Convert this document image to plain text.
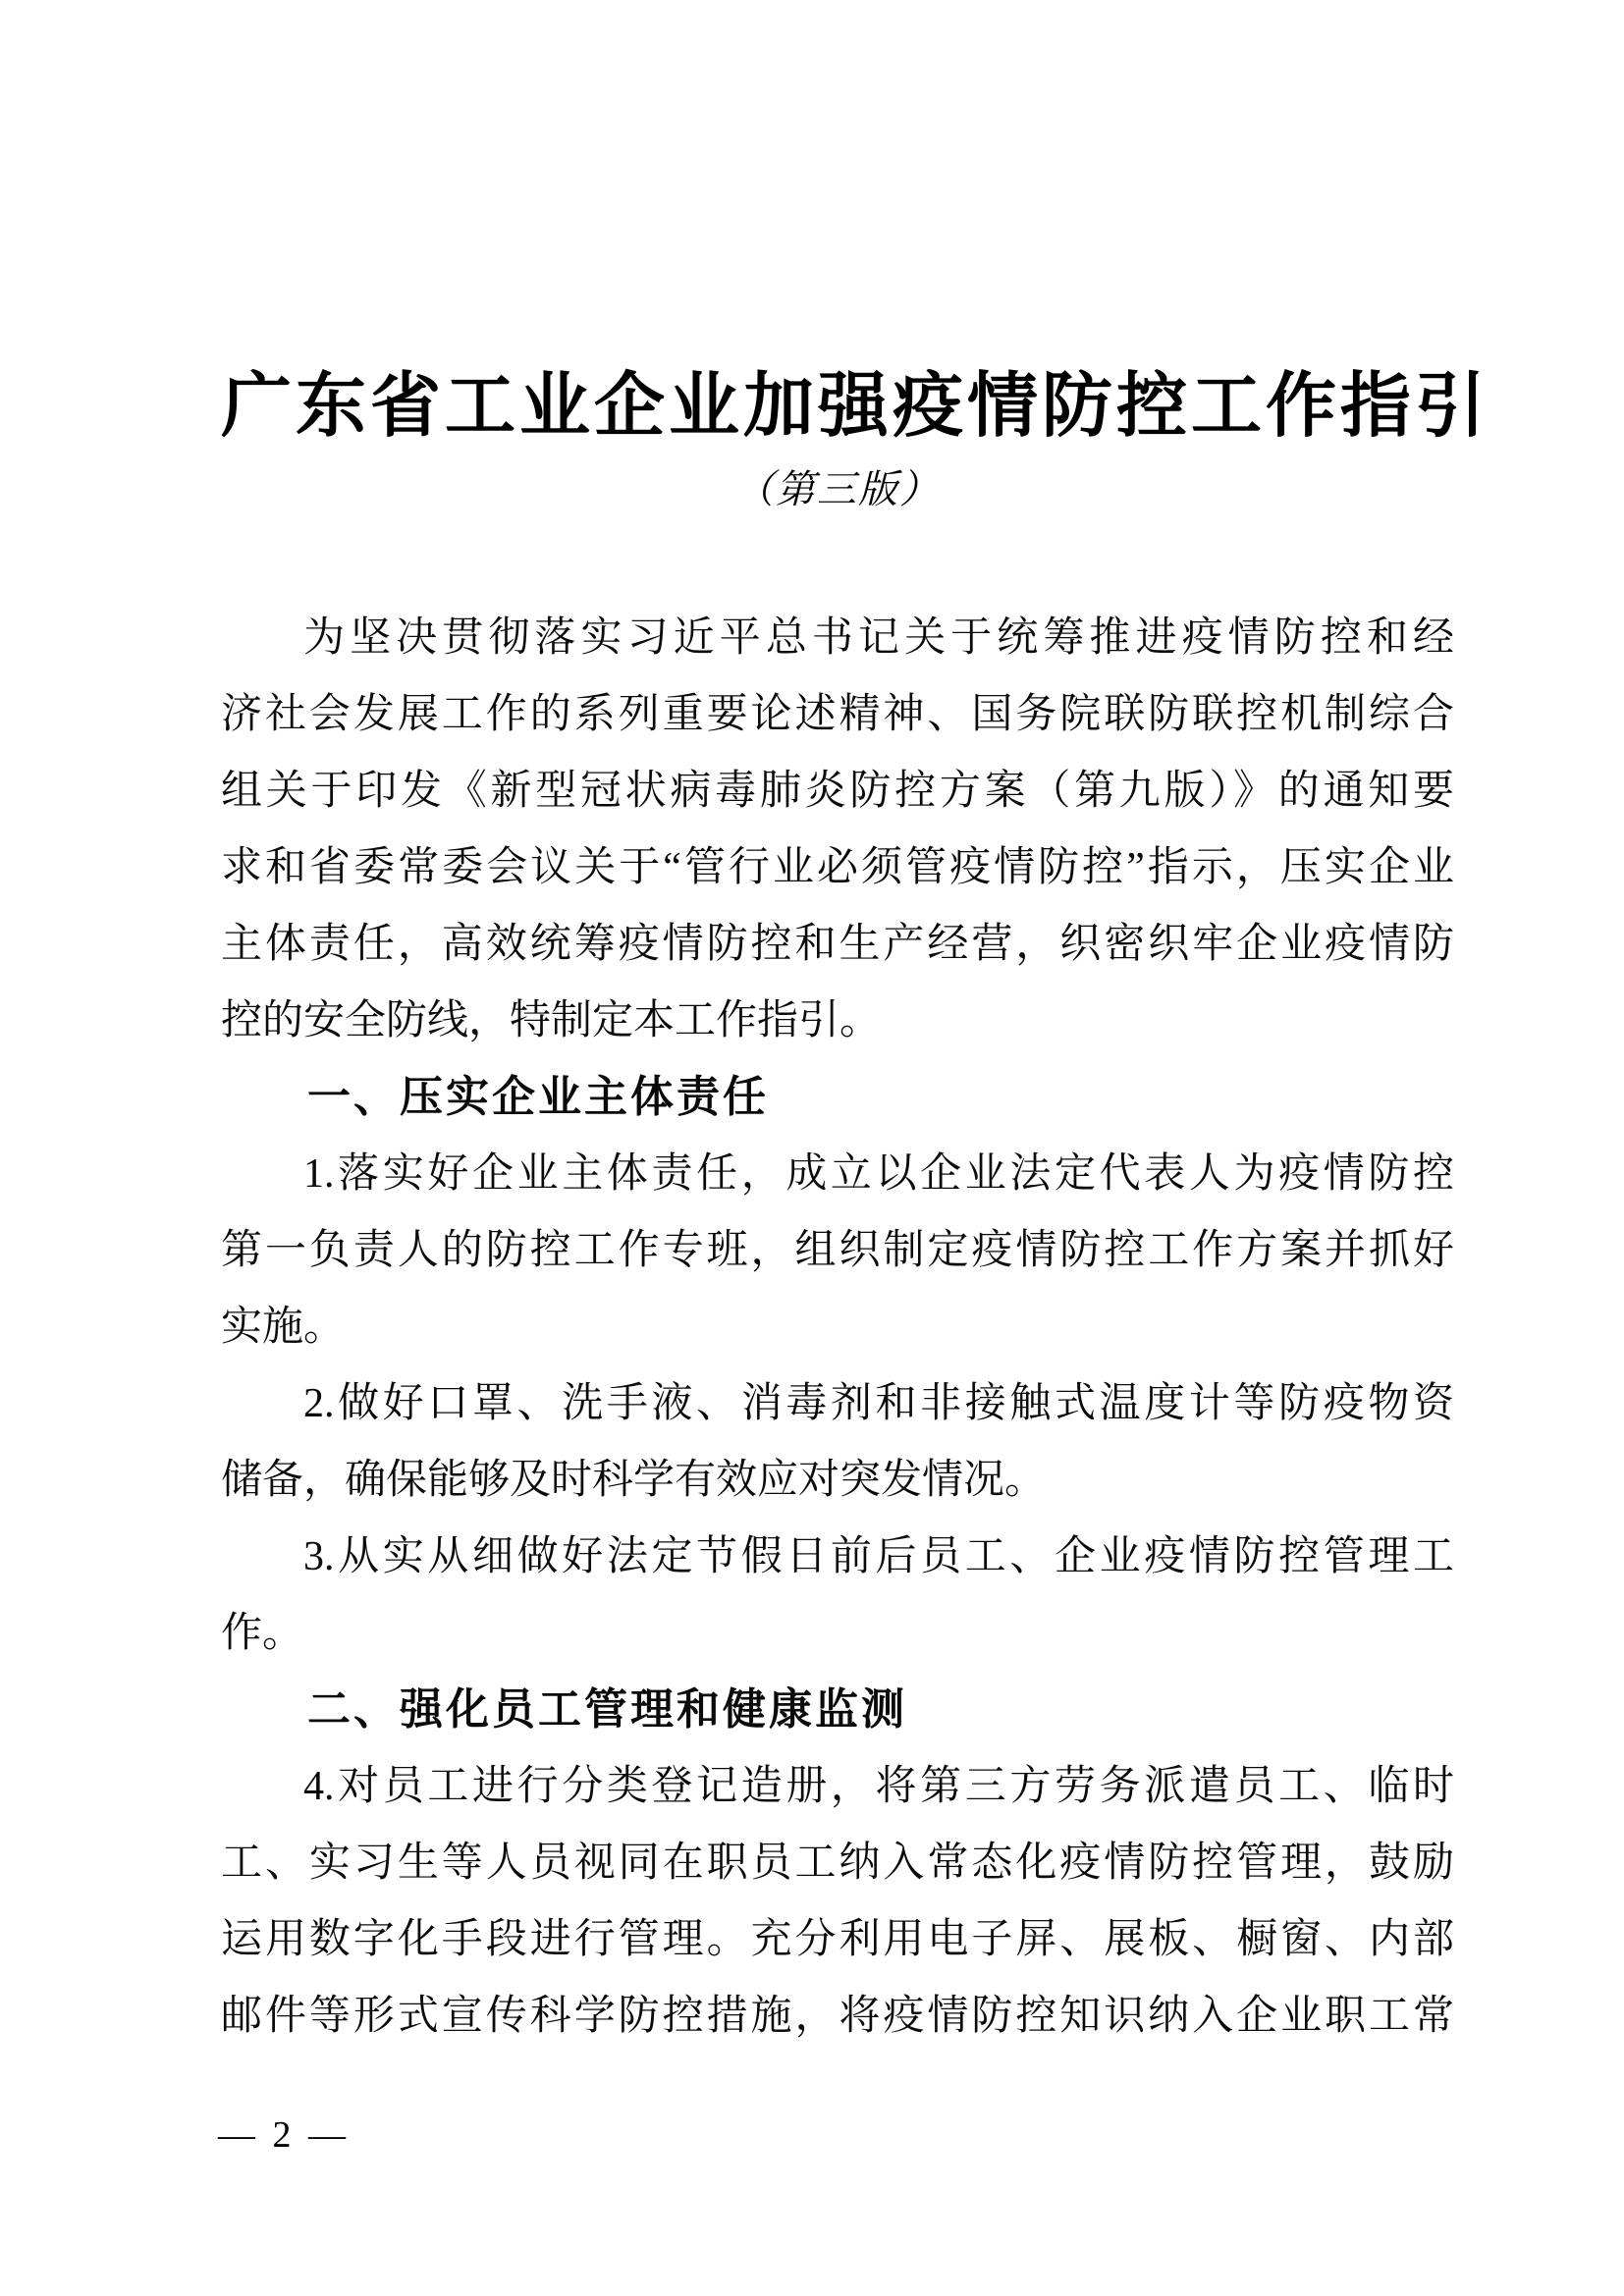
广东省工业企业加强疫情防控工作指引
（第三版）
为坚决贯彻落实习近平总书记关于统筹推进疫情防控和经
济社会发展工作的系列重要论述精神、国务院联防联控机制综合
组关于印发《新型冠状病毒肺炎防控方案（第九版）》的通知要
求和省委常委会议关于“管行业必须管疫情防控”指示，压实企业
主体责任，高效统筹疫情防控和生产经营，织密织牢企业疫情防
控的安全防线，特制定本工作指引。
一、压实企业主体责任
1.落实好企业主体责任，成立以企业法定代表人为疫情防控
第一负责人的防控工作专班，组织制定疫情防控工作方案并抓好
实施。
2.做好口罩、洗手液、消毒剂和非接触式温度计等防疫物资
储备，确保能够及时科学有效应对突发情况。
3.从实从细做好法定节假日前后员工、企业疫情防控管理工
作。
二、强化员工管理和健康监测
4.对员工进行分类登记造册，将第三方劳务派遣员工、临时
工、实习生等人员视同在职员工纳入常态化疫情防控管理，鼓励
运用数字化手段进行管理。充分利用电子屏、展板、橱窗、内部
邮件等形式宣传科学防控措施，将疫情防控知识纳入企业职工常
— 2 —
